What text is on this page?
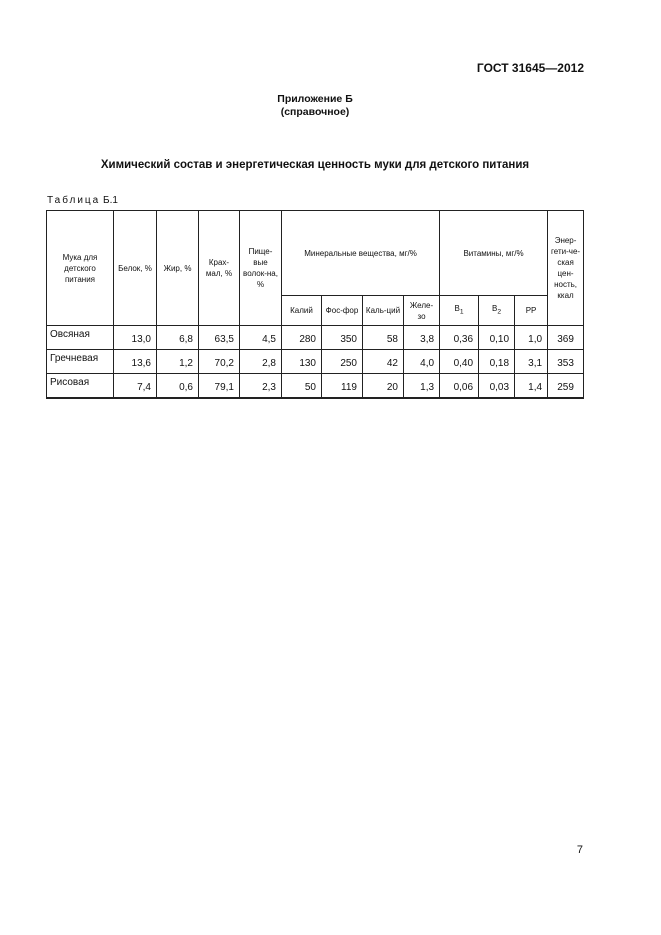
ГОСТ 31645—2012
Приложение Б
(справочное)
Химический состав и энергетическая ценность муки для детского питания
Таблица Б.1
Мука для детского питания	Белок, %	Жир, %	Крах-мал, %	Пище-вые волок-на, %	Минеральные вещества, мг/%				Витамины, мг/%			Энер-гети-че-ская цен-ность, ккал
					Калий	Фос-фор	Каль-ций	Желе-зо	$В_1$	$В_2$	РР	
Овсяная	13,0	6,8	63,5	4,5	280	350	58	3,8	0,36	0,10	1,0	369
Гречневая	13,6	1,2	70,2	2,8	130	250	42	4,0	0,40	0,18	3,1	353
Рисовая	7,4	0,6	79,1	2,3	50	119	20	1,3	0,06	0,03	1,4	259
7
